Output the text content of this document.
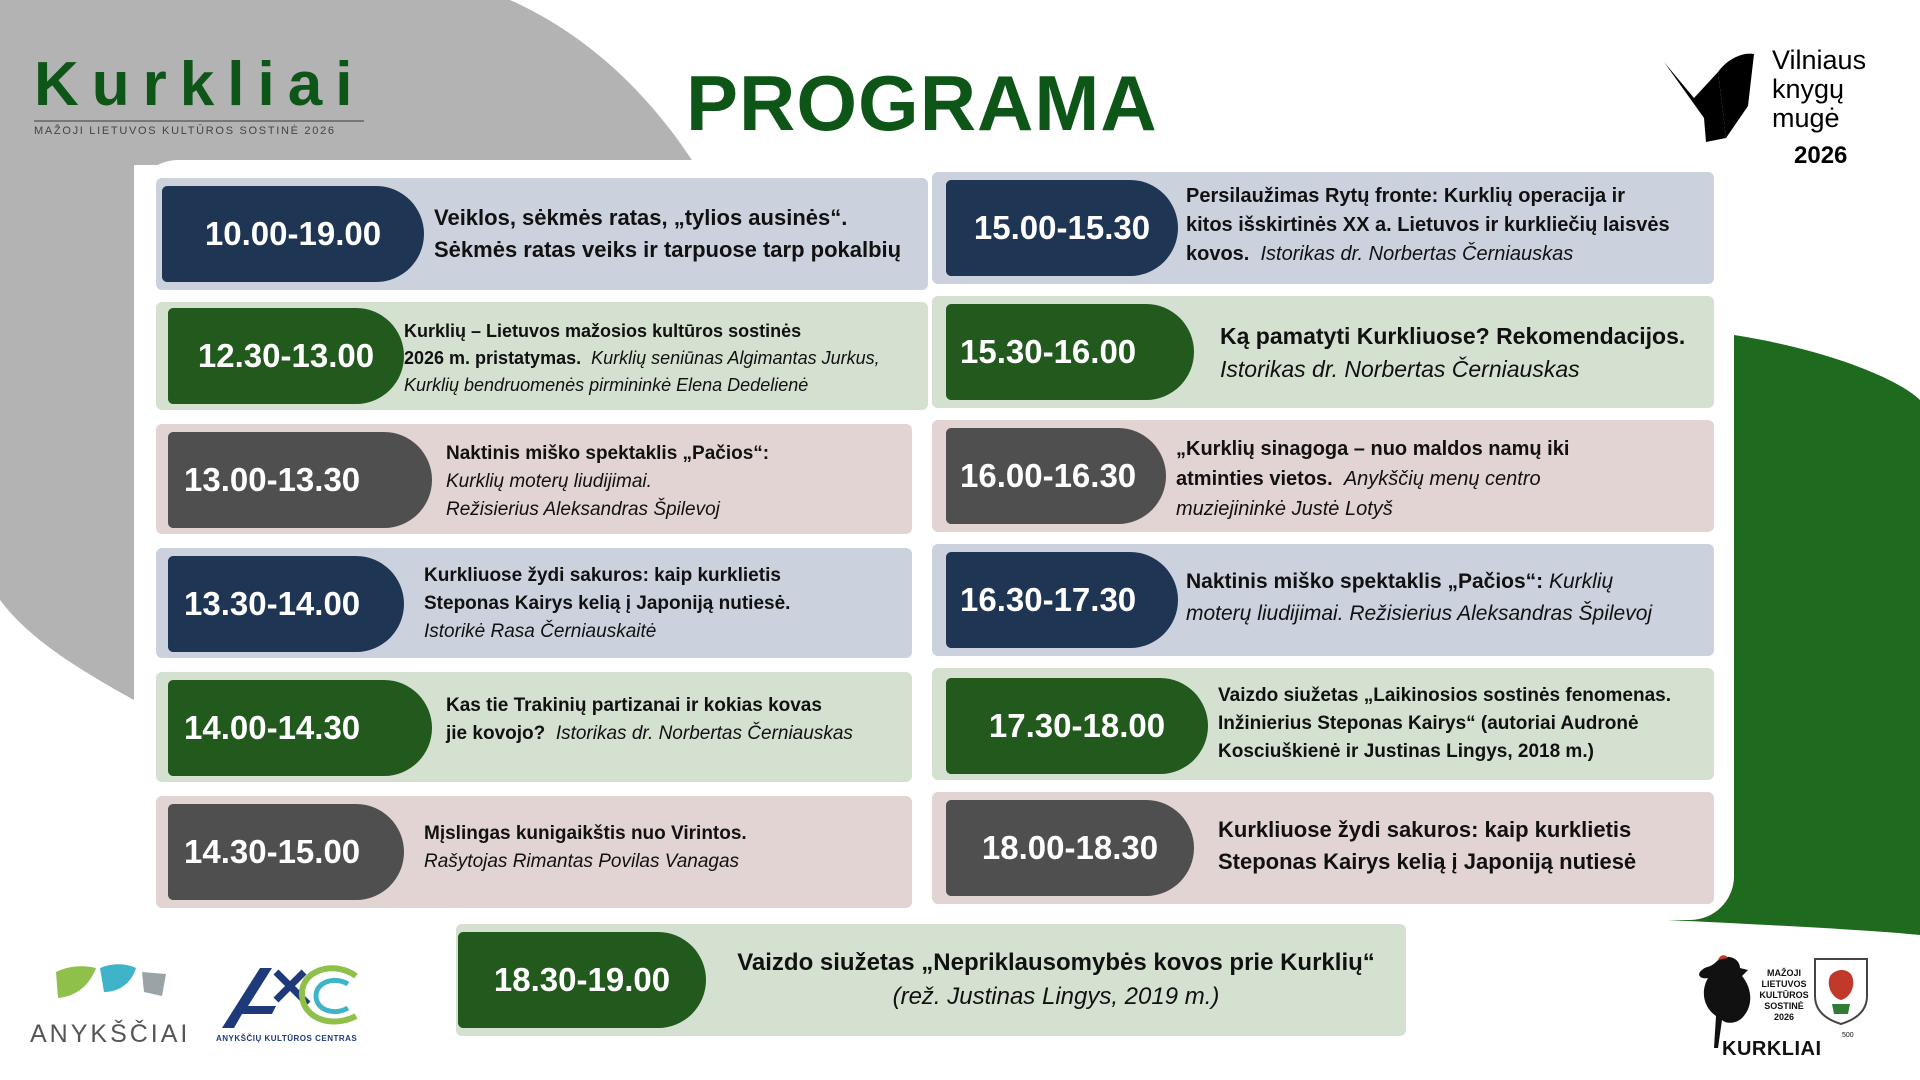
Kurkliai
MAŽOJI LIETUVOS KULTŪROS SOSTINĖ 2026	PROGRAMA	Vilniaus
knygų
mugė
2026
10.00-19.00	Veiklos, sėkmės ratas, „tylios ausinės“.
Sėkmės ratas veiks ir tarpuose tarp pokalbių
12.30-13.00
Kurklių – Lietuvos mažosios kultūros sostinės
2026 m. pristatymas. Kurklių seniūnas Algimantas Jurkus,
Kurklių bendruomenės pirmininkė Elena Dedelienė
13.00-13.30
Naktinis miško spektaklis „Pačios“:
Kurklių moterų liudijimai.
Režisierius Aleksandras Špilevoj
13.30-14.00
Kurkliuose žydi sakuros: kaip kurklietis
Steponas Kairys kelią į Japoniją nutiesė.
Istorikė Rasa Černiauskaitė
14.00-14.30
Kas tie Trakinių partizanai ir kokias kovas
jie kovojo? Istorikas dr. Norbertas Černiauskas
14.30-15.00	Mįslingas kunigaikštis nuo Virintos.
Rašytojas Rimantas Povilas Vanagas
15.00-15.30
Persilaužimas Rytų fronte: Kurklių operacija ir
kitos išskirtinės XX a. Lietuvos ir kurkliečių laisvės
kovos. Istorikas dr. Norbertas Černiauskas
15.30-16.00	Ką pamatyti Kurkliuose? Rekomendacijos.
Istorikas dr. Norbertas Černiauskas
16.00-16.30
„Kurklių sinagoga – nuo maldos namų iki
atminties vietos. Anykščių menų centro
muziejininkė Justė Lotyš
16.30-17.30	Naktinis miško spektaklis „Pačios“: Kurklių
moterų liudijimai. Režisierius Aleksandras Špilevoj
17.30-18.00
Vaizdo siužetas „Laikinosios sostinės fenomenas.
Inžinierius Steponas Kairys“ (autoriai Audronė
Kosciuškienė ir Justinas Lingys, 2018 m.)
18.00-18.30	Kurkliuose žydi sakuros: kaip kurklietis
Steponas Kairys kelią į Japoniją nutiesė
18.30-19.00	Vaizdo siužetas „Nepriklausomybės kovos prie Kurklių“
(rež. Justinas Lingys, 2019 m.)
ANYKŠČIAI	ANYKŠČIŲ KULTŪROS CENTRAS
MAŽOJI
LIETUVOS
KULTŪROS
SOSTINĖ
2026
KURKLIAI
500
